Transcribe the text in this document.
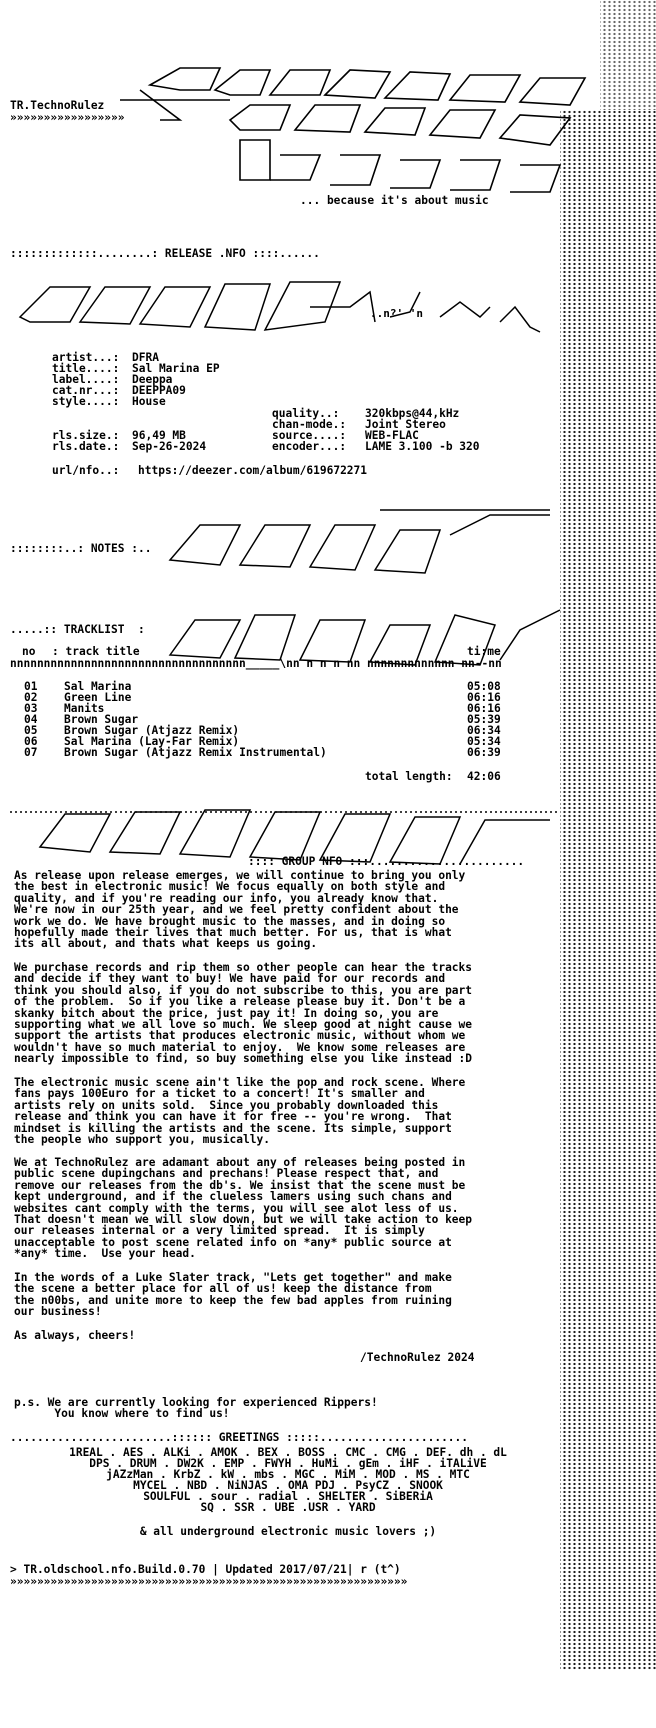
TR.TechnoRulez
»»»»»»»»»»»»»»»»»
... because it's about music
:::::::::::::........: RELEASE .NFO ::::......
..n?' 'n
artist...: DFRA
title....: Sal Marina EP
label....: Deeppa
cat.nr...: DEEPPA09
style....: House
quality..: 320kbps@44,kHz
chan-mode.: Joint Stereo
rls.size.: 96,49 MB	source....: WEB-FLAC
rls.date.: Sep-26-2024	encoder...: LAME 3.100 -b 320
url/nfo..: https://deezer.com/album/619672271
::::::::..: NOTES :..
.....:: TRACKLIST  :
no : track title	ti:me
nnnnnnnnnnnnnnnnnnnnnnnnnnnnnnnnnnn_____\nn n n n nn nnnnnnnnnnnnn nn--nn
01 Sal Marina	05:08
02 Green Line	06:16
03 Manits	06:16
04 Brown Sugar	05:39
05 Brown Sugar (Atjazz Remix)	06:34
06 Sal Marina (Lay-Far Remix)	05:34
07 Brown Sugar (Atjazz Remix Instrumental)	06:39
total length: 42:06
:::: GROUP NFO :::.......................
As release upon release emerges, we will continue to bring you only
the best in electronic music! We focus equally on both style and
quality, and if you're reading our info, you already know that.
We're now in our 25th year, and we feel pretty confident about the
work we do. We have brought music to the masses, and in doing so
hopefully made their lives that much better. For us, that is what
its all about, and thats what keeps us going.
We purchase records and rip them so other people can hear the tracks
and decide if they want to buy! We have paid for our records and
think you should also, if you do not subscribe to this, you are part
of the problem.  So if you like a release please buy it. Don't be a
skanky bitch about the price, just pay it! In doing so, you are
supporting what we all love so much. We sleep good at night cause we
support the artists that produces electronic music, without whom we
wouldn't have so much material to enjoy.  We know some releases are
nearly impossible to find, so buy something else you like instead :D
The electronic music scene ain't like the pop and rock scene. Where
fans pays 100Euro for a ticket to a concert! It's smaller and
artists rely on units sold.  Since you probably downloaded this
release and think you can have it for free -- you're wrong.  That
mindset is killing the artists and the scene. Its simple, support
the people who support you, musically.
We at TechnoRulez are adamant about any of releases being posted in
public scene dupingchans and prechans! Please respect that, and
remove our releases from the db's. We insist that the scene must be
kept underground, and if the clueless lamers using such chans and
websites cant comply with the terms, you will see alot less of us.
That doesn't mean we will slow down, but we will take action to keep
our releases internal or a very limited spread.  It is simply
unacceptable to post scene related info on *any* public source at
*any* time.  Use your head.
In the words of a Luke Slater track, "Lets get together" and make
the scene a better place for all of us! keep the distance from
the n00bs, and unite more to keep the few bad apples from ruining
our business!
As always, cheers!
/TechnoRulez 2024
p.s. We are currently looking for experienced Rippers!
You know where to find us!
........................:::::: GREETINGS :::::......................
1REAL . AES . ALKi . AMOK . BEX . BOSS . CMC . CMG . DEF. dh . dL
DPS . DRUM . DW2K . EMP . FWYH . HuMi . gEm . iHF . iTALiVE
jAZzMan . KrbZ . kW . mbs . MGC . MiM . MOD . MS . MTC
MYCEL . NBD . NiNJAS . OMA PDJ . PsyCZ . SNOOK
SOULFUL . sour . radial . SHELTER . SiBERiA
SQ . SSR . UBE .USR . YARD
& all underground electronic music lovers ;)
> TR.oldschool.nfo.Build.0.70 | Updated 2017/07/21| r (t^)
»»»»»»»»»»»»»»»»»»»»»»»»»»»»»»»»»»»»»»»»»»»»»»»»»»»»»»»»»»»
